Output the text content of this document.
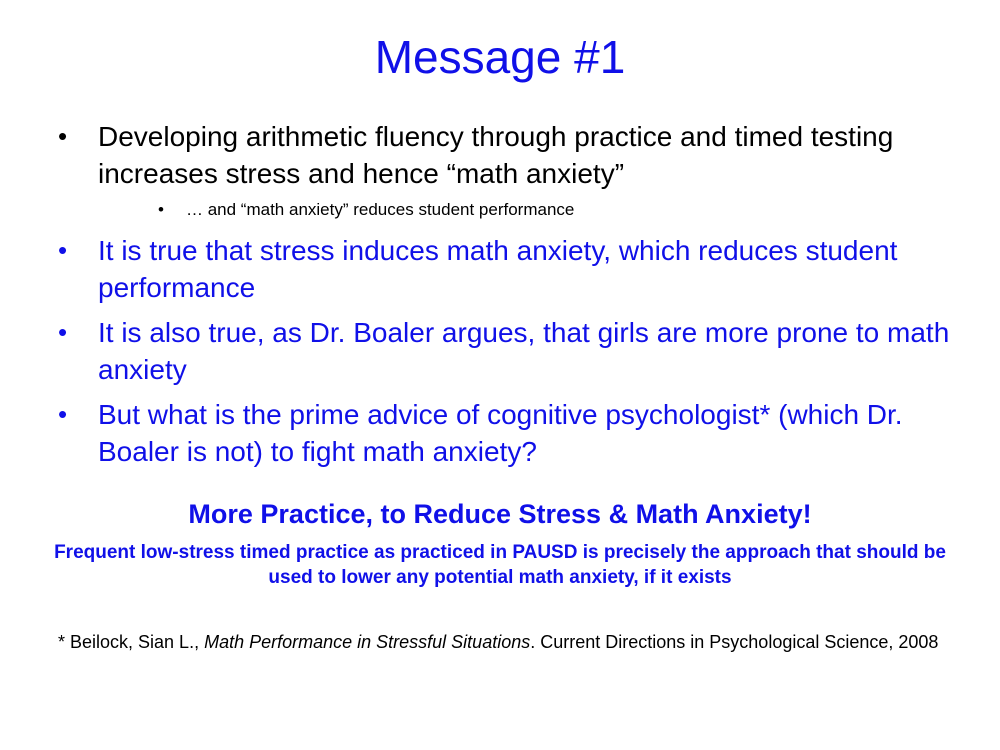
Message #1
•	Developing arithmetic fluency through practice and timed testing increases stress and hence “math anxiety”
• … and “math anxiety” reduces student performance
•	It is true that stress induces math anxiety, which reduces student performance
•	It is also true, as Dr. Boaler argues, that girls are more prone to math anxiety
•	But what is the prime advice of cognitive psychologist* (which Dr. Boaler is not) to fight math anxiety?
More Practice, to Reduce Stress & Math Anxiety!
Frequent low-stress timed practice as practiced in PAUSD is precisely the approach that should be used to lower any potential math anxiety, if it exists
* Beilock, Sian L., Math Performance in Stressful Situations. Current Directions in Psychological Science, 2008
